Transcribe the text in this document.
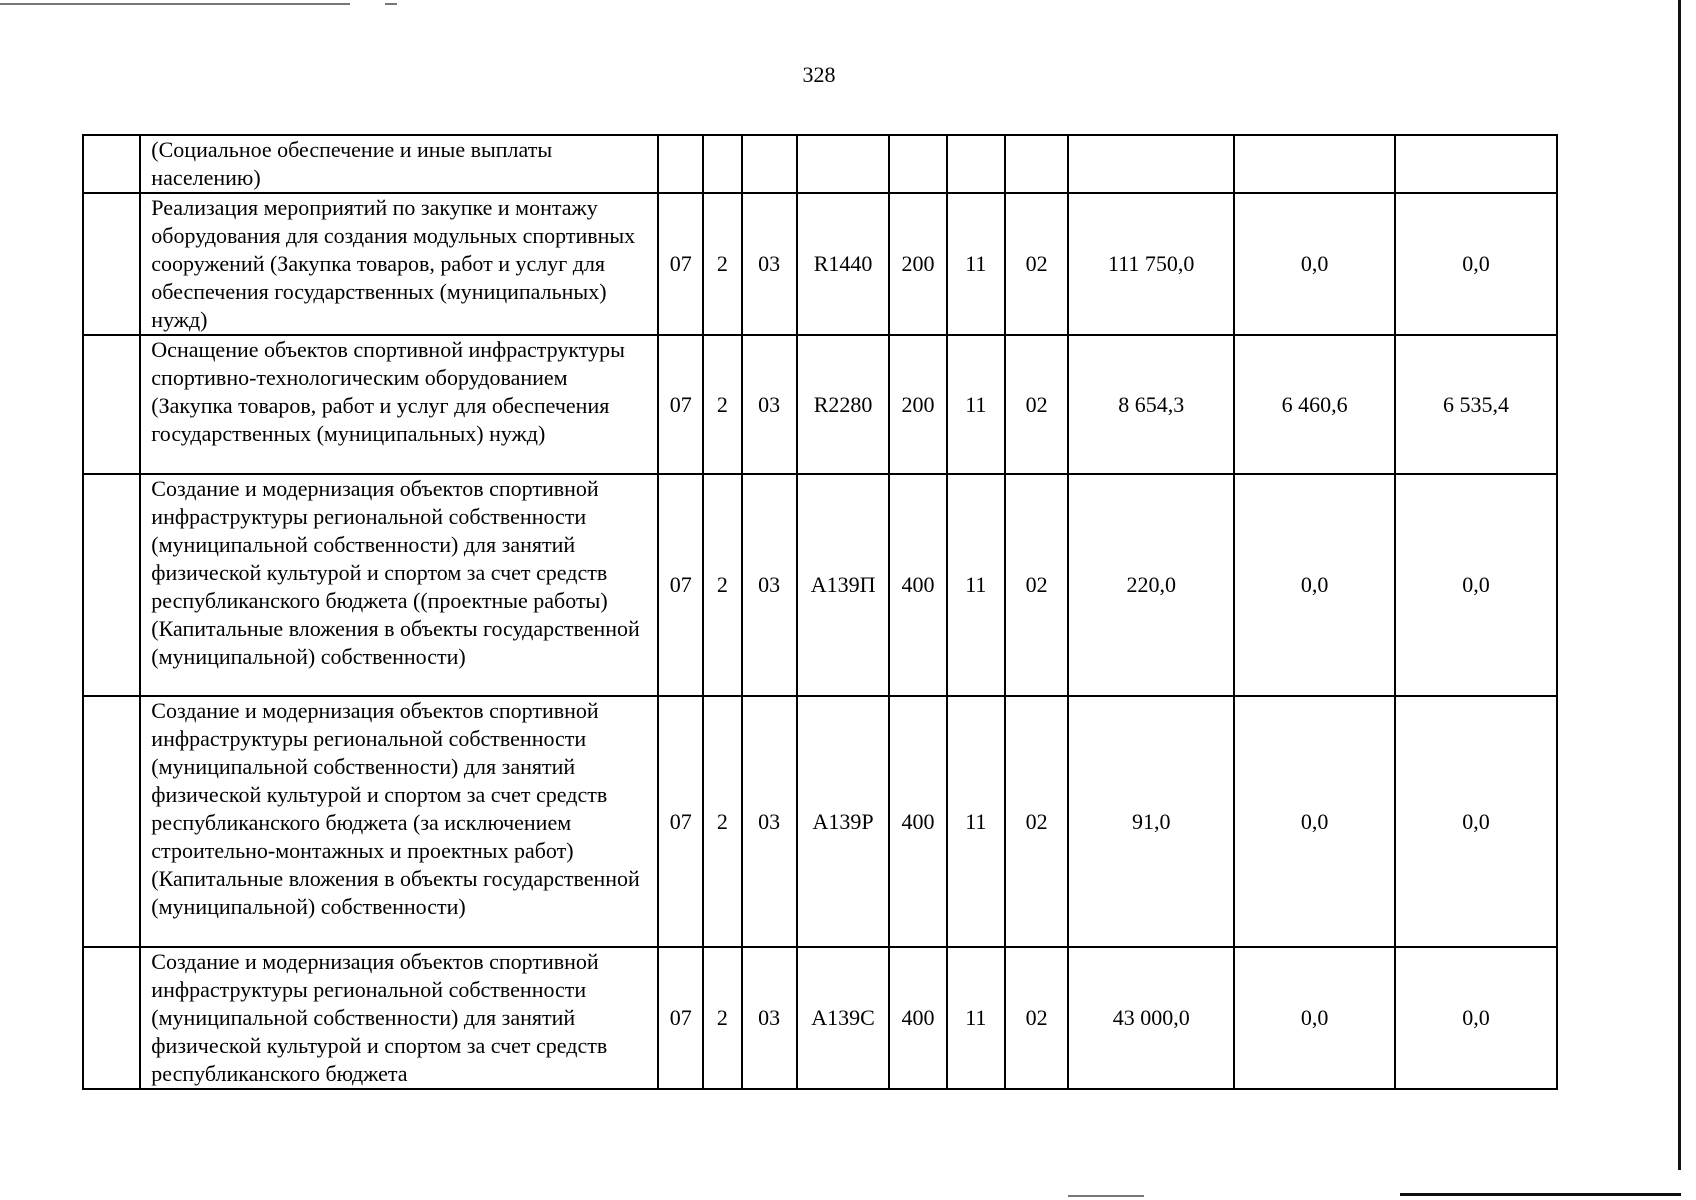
328
	(Социальное обеспечение и иные выплаты населению)										
	Реализация мероприятий по закупке и монтажу оборудования для создания модульных спортивных сооружений (Закупка товаров, работ и услуг для обеспечения государственных (муниципальных) нужд)	07	2	03	R1440	200	11	02	111 750,0	0,0	0,0
	Оснащение объектов спортивной инфраструктуры спортивно-технологическим оборудованием (Закупка товаров, работ и услуг для обеспечения государственных (муниципальных) нужд)	07	2	03	R2280	200	11	02	8 654,3	6 460,6	6 535,4
	Создание и модернизация объектов спортивной инфраструктуры региональной собственности (муниципальной собственности) для занятий физической культурой и спортом за счет средств республиканского бюджета ((проектные работы) (Капитальные вложения в объекты государственной (муниципальной) собственности)	07	2	03	A139П	400	11	02	220,0	0,0	0,0
	Создание и модернизация объектов спортивной инфраструктуры региональной собственности (муниципальной собственности) для занятий физической культурой и спортом за счет средств республиканского бюджета (за исключением строительно-монтажных и проектных работ) (Капитальные вложения в объекты государственной (муниципальной) собственности)	07	2	03	A139P	400	11	02	91,0	0,0	0,0
	Создание и модернизация объектов спортивной инфраструктуры региональной собственности (муниципальной собственности) для занятий физической культурой и спортом за счет средств республиканского бюджета	07	2	03	A139C	400	11	02	43 000,0	0,0	0,0
